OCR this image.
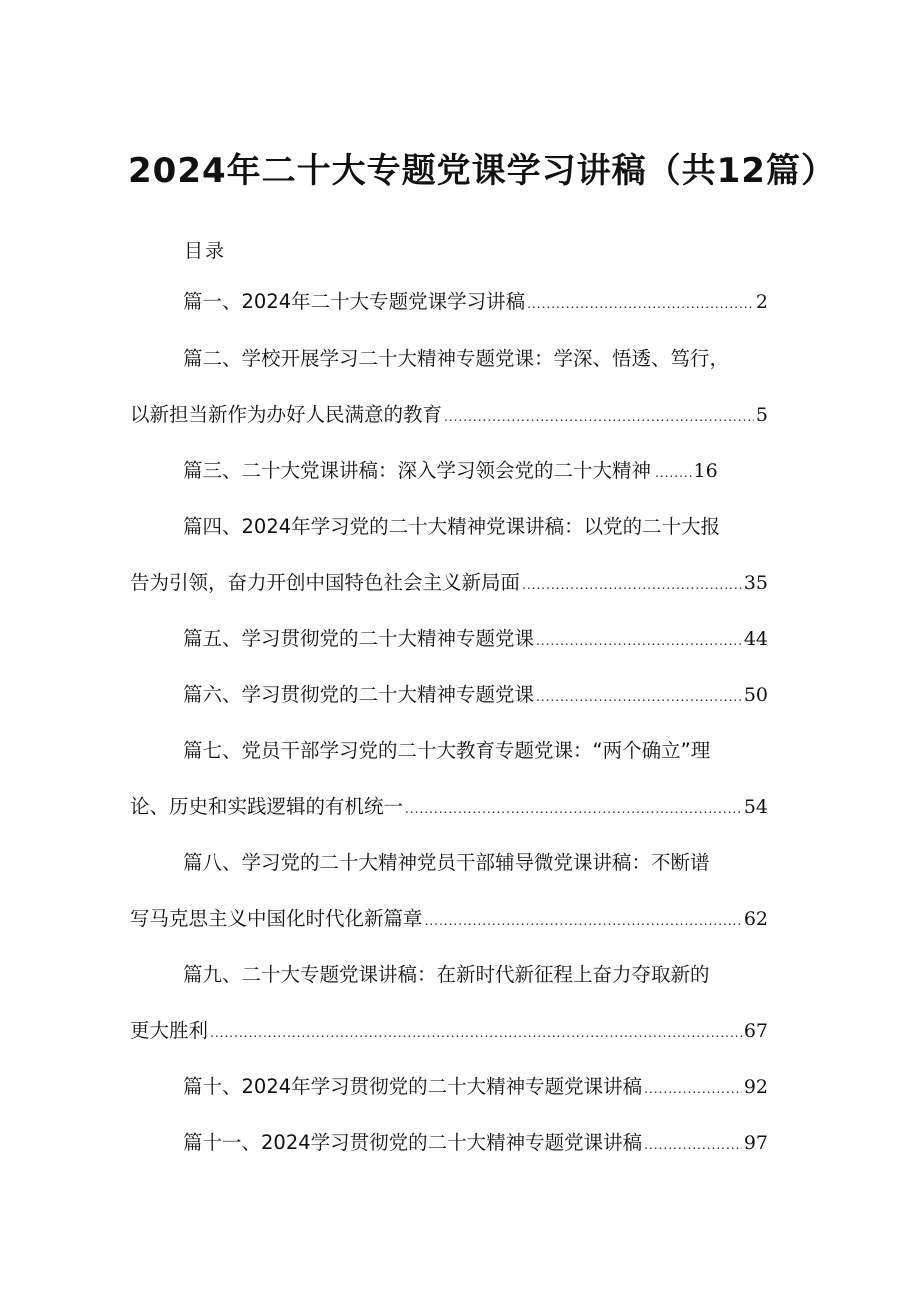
2024年二十大专题党课学习讲稿（共12篇）
目录
篇一、2024年二十大专题党课学习讲稿 .....	2
篇二、学校开展学习二十大精神专题党课：学深、悟透、笃行，
以新担当新作为办好人民满意的教育 .....	5
篇三、二十大党课讲稿：深入学习领会党的二十大精神 ........ 16
篇四、2024年学习党的二十大精神党课讲稿：以党的二十大报
告为引领，奋力开创中国特色社会主义新局面 .....	35
篇五、学习贯彻党的二十大精神专题党课 .....	44
篇六、学习贯彻党的二十大精神专题党课 .....	50
篇七、党员干部学习党的二十大教育专题党课：“两个确立”理
论、历史和实践逻辑的有机统一 .....	54
篇八、学习党的二十大精神党员干部辅导微党课讲稿：不断谱
写马克思主义中国化时代化新篇章 .....	62
篇九、二十大专题党课讲稿：在新时代新征程上奋力夺取新的
更大胜利 .....	67
篇十、2024年学习贯彻党的二十大精神专题党课讲稿 .....	92
篇十一、2024学习贯彻党的二十大精神专题党课讲稿 .....	97
